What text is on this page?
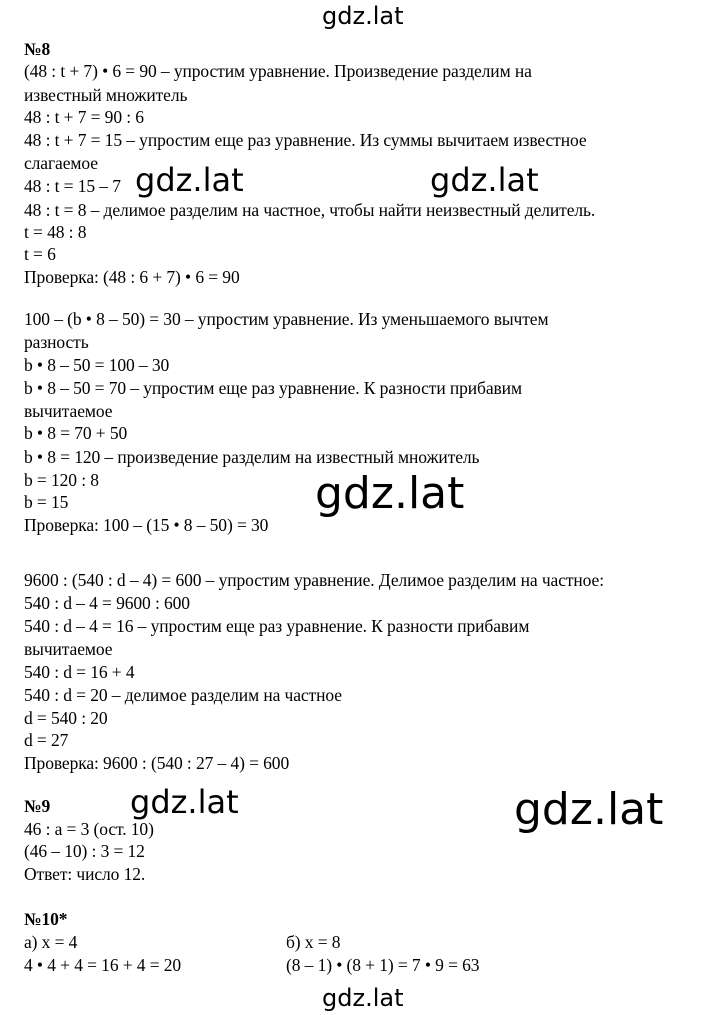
gdz.lat
gdz.lat	gdz.lat
gdz.lat
gdz.lat	gdz.lat
gdz.lat
№8
(48 : t + 7) • 6 = 90 – упростим уравнение. Произведение разделим на
известный множитель
48 : t + 7 = 90 : 6
48 : t + 7 = 15 – упростим еще раз уравнение. Из суммы вычитаем известное
слагаемое
48 : t = 15 – 7
48 : t = 8 – делимое разделим на частное, чтобы найти неизвестный делитель.
t = 48 : 8
t = 6
Проверка: (48 : 6 + 7) • 6 = 90
100 – (b • 8 – 50) = 30 – упростим уравнение. Из уменьшаемого вычтем
разность
b • 8 – 50 = 100 – 30
b • 8 – 50 = 70 – упростим еще раз уравнение. К разности прибавим
вычитаемое
b • 8 = 70 + 50
b • 8 = 120 – произведение разделим на известный множитель
b = 120 : 8
b = 15
Проверка: 100 – (15 • 8 – 50) = 30
9600 : (540 : d – 4) = 600 – упростим уравнение. Делимое разделим на частное:
540 : d – 4 = 9600 : 600
540 : d – 4 = 16 – упростим еще раз уравнение. К разности прибавим
вычитаемое
540 : d = 16 + 4
540 : d = 20 – делимое разделим на частное
d = 540 : 20
d = 27
Проверка: 9600 : (540 : 27 – 4) = 600
№9
46 : a = 3 (ост. 10)
(46 – 10) : 3 = 12
Ответ: число 12.
№10*
а) x = 4
4 • 4 + 4 = 16 + 4 = 20
б) x = 8
(8 – 1) • (8 + 1) = 7 • 9 = 63
